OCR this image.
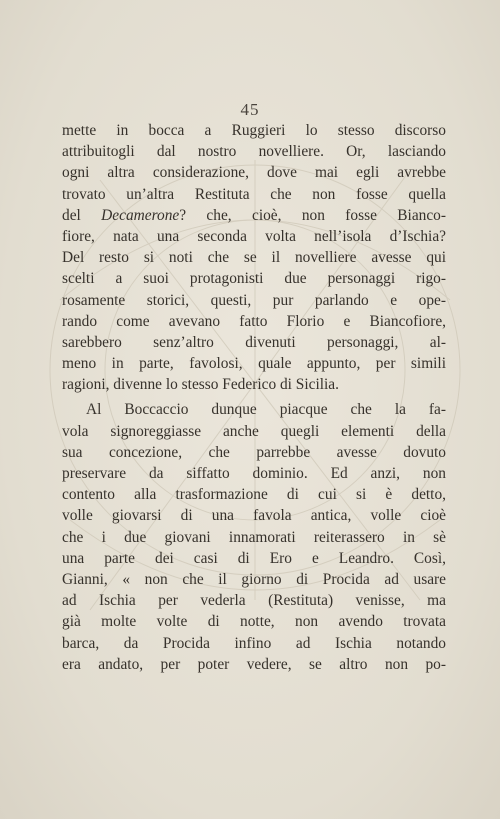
45
mette in bocca a Ruggieri lo stesso discorso
attribuitogli dal nostro novelliere. Or, lasciando
ogni altra considerazione, dove mai egli avrebbe
trovato un’altra Restituta che non fosse quella
del Decamerone? che, cioè, non fosse Bianco-
fiore, nata una seconda volta nell’isola d’Ischia?
Del resto si noti che se il novelliere avesse qui
scelti a suoi protagonisti due personaggi rigo-
rosamente storici, questi, pur parlando e ope-
rando come avevano fatto Florio e Biancofiore,
sarebbero senz’altro divenuti personaggi, al-
meno in parte, favolosi, quale appunto, per simili
ragioni, divenne lo stesso Federico di Sicilia.
Al Boccaccio dunque piacque che la fa-
vola signoreggiasse anche quegli elementi della
sua concezione, che parrebbe avesse dovuto
preservare da siffatto dominio. Ed anzi, non
contento alla trasformazione di cui si è detto,
volle giovarsi di una favola antica, volle cioè
che i due giovani innamorati reiterassero in sè
una parte dei casi di Ero e Leandro. Così,
Gianni, « non che il giorno di Procida ad usare
ad Ischia per vederla (Restituta) venisse, ma
già molte volte di notte, non avendo trovata
barca, da Procida infino ad Ischia notando
era andato, per poter vedere, se altro non po-
